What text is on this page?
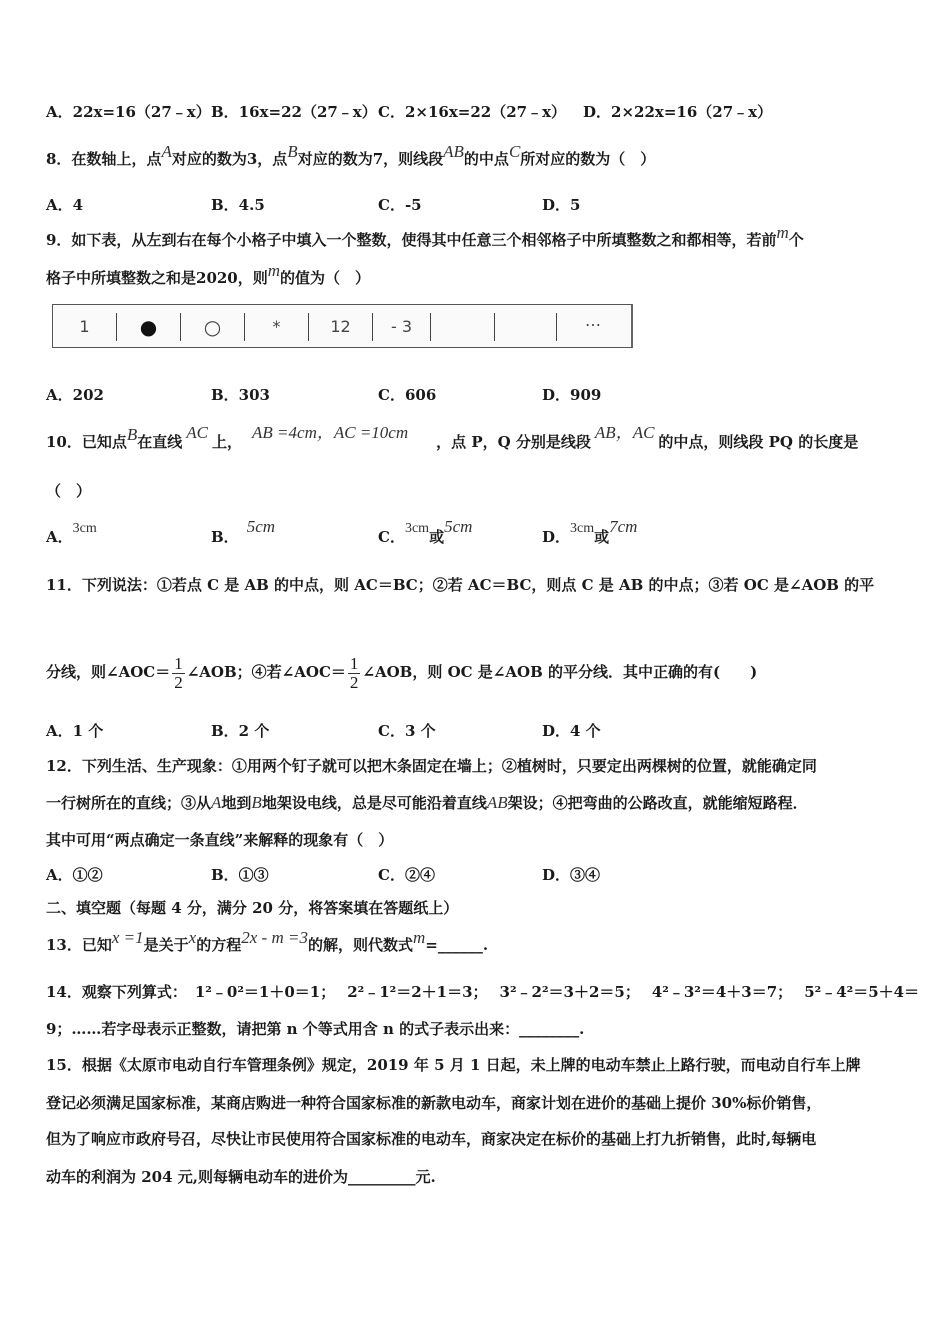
A．22x=16（27﹣x） B．16x=22（27﹣x） C．2×16x=22（27﹣x） D．2×22x=16（27﹣x）
8．在数轴上，点A对应的数为3，点B对应的数为7，则线段AB的中点C所对应的数为（　）
A．4	B．4.5	C．-5	D．5
9．如下表，从左到右在每个小格子中填入一个整数，使得其中任意三个相邻格子中所填整数之和都相等，若前m个
格子中所填整数之和是2020，则m的值为（　）
1	●	○	*	12	- 3	…
A．202	B．303	C．606	D．909
10．已知点B在直线 AC 上， AB =4cm，AC =10cm ，点 P，Q 分别是线段 AB，AC 的中点，则线段 PQ 的长度是
（　）
A．3cm	B．5cm
C．3cm或5cm
D．3cm或7cm
11．下列说法：①若点 C 是 AB 的中点，则 AC＝BC；②若 AC＝BC，则点 C 是 AB 的中点；③若 OC 是∠AOB 的平
分线，则∠AOC＝ $\frac{1}{2}$ ∠AOB；④若∠AOC＝ $\frac{1}{2}$ ∠AOB，则 OC 是∠AOB 的平分线．其中正确的有(　　)
A．1 个	B．2 个	C．3 个	D．4 个
12．下列生活、生产现象：①用两个钉子就可以把木条固定在墙上；②植树时，只要定出两棵树的位置，就能确定同
一行树所在的直线；③从A地到B地架设电线，总是尽可能沿着直线AB架设；④把弯曲的公路改直，就能缩短路程．
其中可用“两点确定一条直线”来解释的现象有（　）
A．①②	B．①③	C．②④	D．③④
二、填空题（每题 4 分，满分 20 分，将答案填在答题纸上）
13．已知x =1是关于x的方程2x - m =3的解，则代数式m=______.
14．观察下列算式： 1²﹣0²＝1＋0＝1； 2²﹣1²＝2＋1＝3； 3²﹣2²＝3＋2＝5； 4²﹣3²＝4＋3＝7； 5²﹣4²＝5＋4＝
9；……若字母表示正整数，请把第 n 个等式用含 n 的式子表示出来：________.
15．根据《太原市电动自行车管理条例》规定，2019 年 5 月 1 日起，未上牌的电动车禁止上路行驶，而电动自行车上牌
登记必须满足国家标准，某商店购进一种符合国家标准的新款电动车，商家计划在进价的基础上提价 30%标价销售，
但为了响应市政府号召，尽快让市民使用符合国家标准的电动车，商家决定在标价的基础上打九折销售，此时,每辆电
动车的利润为 204 元,则每辆电动车的进价为_________元.
